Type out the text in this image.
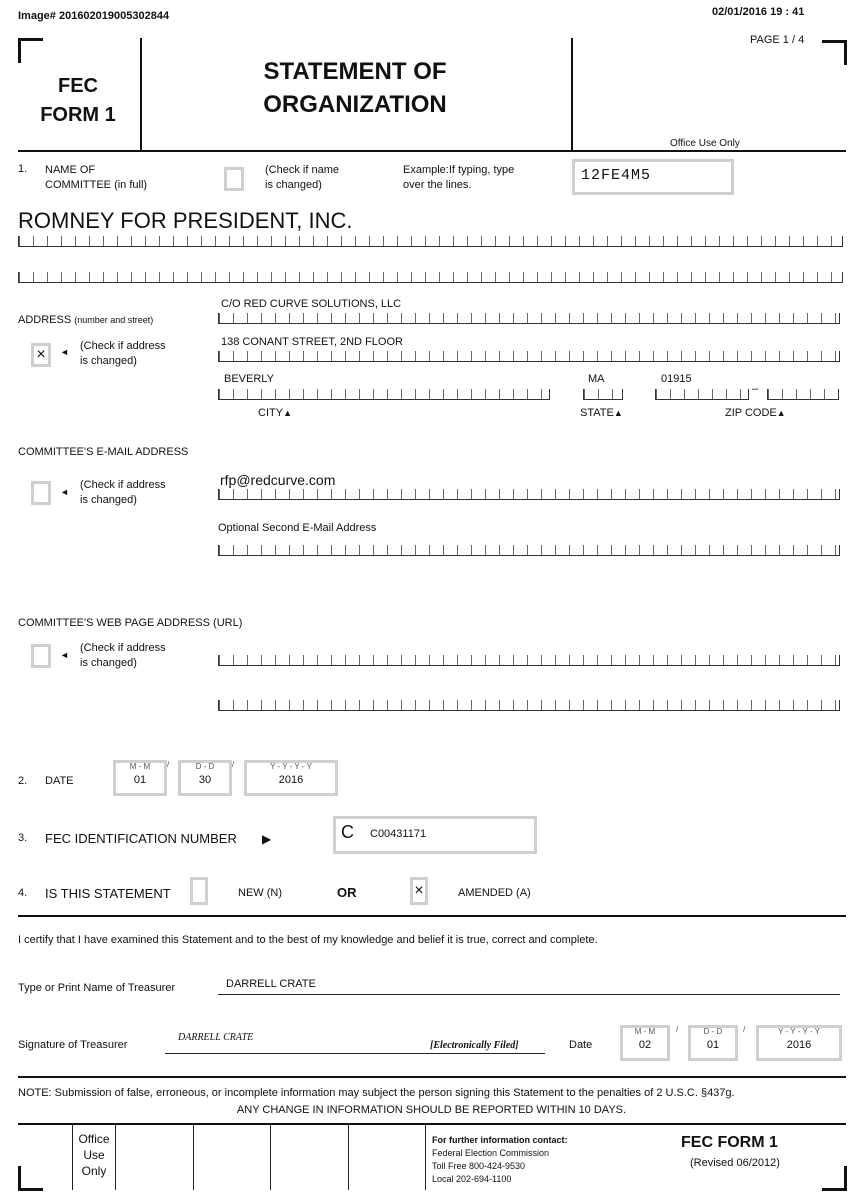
Image# 201602019005302844	02/01/2016 19 : 41
PAGE 1 / 4
FEC
FORM 1
STATEMENT OF
ORGANIZATION
Office Use Only
1. NAME OF
COMMITTEE (in full)
(Check if name
is changed)
Example:If typing, type
over the lines.
12FE4M5
ROMNEY FOR PRESIDENT, INC.
ADDRESS (number and street)
×	◄ (Check if address
is changed)
C/O RED CURVE SOLUTIONS, LLC
138 CONANT STREET, 2ND FLOOR
BEVERLY	MA	01915
–
CITY▲	STATE▲	ZIP CODE▲
COMMITTEE'S E-MAIL ADDRESS
◄
(Check if address
is changed)
rfp@redcurve.com
Optional Second E-Mail Address
COMMITTEE'S WEB PAGE ADDRESS (URL)
◄
(Check if address
is changed)
2. DATE
M - M
01
/	D - D
30
/	Y - Y - Y - Y
2016
3. FEC IDENTIFICATION NUMBER ▶	C C00431171
4. IS THIS STATEMENT	NEW (N)	OR	×	AMENDED (A)
I certify that I have examined this Statement and to the best of my knowledge and belief it is true, correct and complete.
Type or Print Name of Treasurer	DARRELL CRATE
Signature of Treasurer
DARRELL CRATE
[Electronically Filed]	Date
M - M
02
/	D - D
01
/	Y - Y - Y - Y
2016
NOTE: Submission of false, erroneous, or incomplete information may subject the person signing this Statement to the penalties of 2 U.S.C. §437g.
ANY CHANGE IN INFORMATION SHOULD BE REPORTED WITHIN 10 DAYS.
Office
Use
Only
For further information contact:
Federal Election Commission
Toll Free 800-424-9530
Local 202-694-1100
FEC FORM 1
(Revised 06/2012)
